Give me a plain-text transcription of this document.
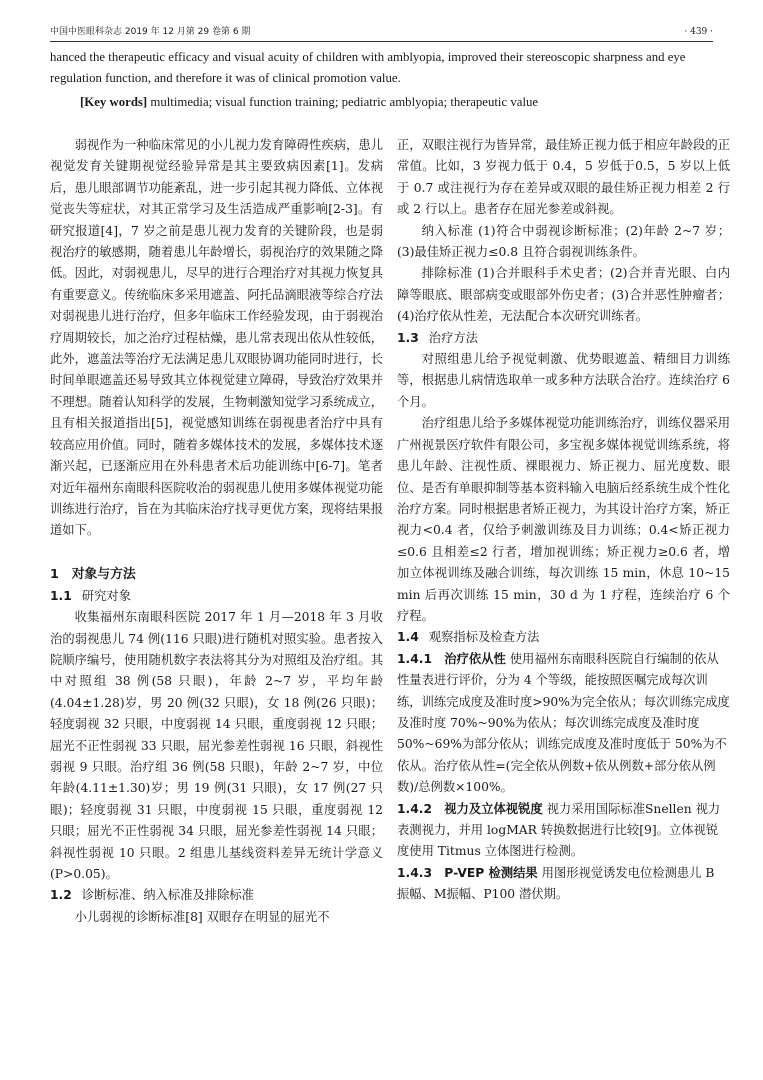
中国中医眼科杂志 2019 年 12 月第 29 卷第 6 期	· 439 ·
hanced the therapeutic efficacy and visual acuity of children with amblyopia, improved their stereoscopic sharpness and eye regulation function, and therefore it was of clinical promotion value.
[Key words] multimedia; visual function training; pediatric amblyopia; therapeutic value

弱视作为一种临床常见的小儿视力发育障碍性疾病，患儿视觉发育关键期视觉经验异常是其主要致病因素[1]。发病后，患儿眼部调节功能紊乱，进一步引起其视力降低、立体视觉丧失等症状，对其正常学习及生活造成严重影响[2-3]。有研究报道[4]，7 岁之前是患儿视力发育的关键阶段，也是弱视治疗的敏感期，随着患儿年龄增长，弱视治疗的效果随之降低。因此，对弱视患儿，尽早的进行合理治疗对其视力恢复具有重要意义。传统临床多采用遮盖、阿托品滴眼液等综合疗法对弱视患儿进行治疗，但多年临床工作经验发现，由于弱视治疗周期较长，加之治疗过程枯燥，患儿常表现出依从性较低，此外，遮盖法等治疗无法满足患儿双眼协调功能同时进行，长时间单眼遮盖还易导致其立体视觉建立障碍，导致治疗效果并不理想。随着认知科学的发展，生物刺激知觉学习系统成立，且有相关报道指出[5]，视觉感知训练在弱视患者治疗中具有较高应用价值。同时，随着多媒体技术的发展，多媒体技术逐渐兴起，已逐渐应用在外科患者术后功能训练中[6-7]。笔者对近年福州东南眼科医院收治的弱视患儿使用多媒体视觉功能训练进行治疗，旨在为其临床治疗找寻更优方案，现将结果报道如下。

1　对象与方法
1.1 研究对象

收集福州东南眼科医院 2017 年 1 月—2018 年 3 月收治的弱视患儿 74 例(116 只眼)进行随机对照实验。患者按入院顺序编号，使用随机数字表法将其分为对照组及治疗组。其中对照组 38 例(58 只眼)，年龄 2~7 岁，平均年龄(4.04±1.28)岁，男 20 例(32 只眼)，女 18 例(26 只眼)；轻度弱视 32 只眼，中度弱视 14 只眼，重度弱视 12 只眼；屈光不正性弱视 33 只眼，屈光参差性弱视 16 只眼，斜视性弱视 9 只眼。治疗组 36 例(58 只眼)，年龄 2~7 岁，中位年龄(4.11±1.30)岁；男 19 例(31 只眼)，女 17 例(27 只眼)；轻度弱视 31 只眼，中度弱视 15 只眼，重度弱视 12 只眼；屈光不正性弱视 34 只眼，屈光参差性弱视 14 只眼；斜视性弱视 10 只眼。2 组患儿基线资料差异无统计学意义(P>0.05)。

1.2 诊断标准、纳入标准及排除标准

小儿弱视的诊断标准[8] 双眼存在明显的屈光不

正，双眼注视行为皆异常，最佳矫正视力低于相应年龄段的正常值。比如，3 岁视力低于 0.4，5 岁低于0.5，5 岁以上低于 0.7 或注视行为存在差异或双眼的最佳矫正视力相差 2 行或 2 行以上。患者存在屈光参差或斜视。

纳入标准 (1)符合中弱视诊断标准；(2)年龄 2~7 岁；(3)最佳矫正视力≤0.8 且符合弱视训练条件。

排除标准 (1)合并眼科手术史者；(2)合并青光眼、白内障等眼底、眼部病变或眼部外伤史者；(3)合并恶性肿瘤者；(4)治疗依从性差，无法配合本次研究训练者。

1.3 治疗方法

对照组患儿给予视觉刺激、优势眼遮盖、精细目力训练等，根据患儿病情选取单一或多种方法联合治疗。连续治疗 6 个月。

治疗组患儿给予多媒体视觉功能训练治疗，训练仪器采用广州视景医疗软件有限公司，多宝视多媒体视觉训练系统，将患儿年龄、注视性质、裸眼视力、矫正视力、屈光度数、眼位、是否有单眼抑制等基本资料输入电脑后经系统生成个性化治疗方案。同时根据患者矫正视力，为其设计治疗方案，矫正视力<0.4 者，仅给予刺激训练及目力训练；0.4<矫正视力≤0.6 且相差≤2 行者，增加视训练；矫正视力≥0.6 者，增加立体视训练及融合训练，每次训练 15 min，休息 10~15 min 后再次训练 15 min，30 d 为 1 疗程，连续治疗 6 个疗程。

1.4 观察指标及检查方法

1.4.1　治疗依从性 使用福州东南眼科医院自行编制的依从性量表进行评价，分为 4 个等级，能按照医嘱完成每次训练，训练完成度及准时度>90%为完全依从；每次训练完成度及准时度 70%~90%为依从；每次训练完成度及准时度 50%~69%为部分依从；训练完成度及准时度低于 50%为不依从。治疗依从性=(完全依从例数+依从例数+部分依从例数)/总例数×100%。

1.4.2　视力及立体视锐度 视力采用国际标准Snellen 视力表测视力，并用 logMAR 转换数据进行比较[9]。立体视锐度使用 Titmus 立体图进行检测。

1.4.3　P-VEP 检测结果 用图形视觉诱发电位检测患儿 B 振幅、M振幅、P100 潜伏期。
